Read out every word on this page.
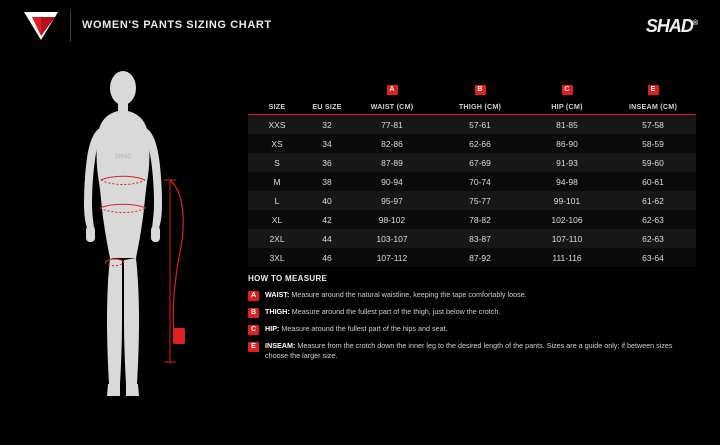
WOMEN'S PANTS SIZING CHART	SHAD®
SHAD
		A	B	C	E
SIZE	EU SIZE	WAIST (CM)	THIGH (CM)	HIP (CM)	INSEAM (CM)

XXS	32	77-81	57-61	81-85	57-58
XS	34	82-86	62-66	86-90	58-59
S	36	87-89	67-69	91-93	59-60
M	38	90-94	70-74	94-98	60-61
L	40	95-97	75-77	99-101	61-62
XL	42	98-102	78-82	102-106	62-63
2XL	44	103-107	83-87	107-110	62-63
3XL	46	107-112	87-92	111-116	63-64
HOW TO MEASURE
A	WAIST: Measure around the natural waistline, keeping the tape comfortably loose.
B	THIGH: Measure around the fullest part of the thigh, just below the crotch.
C	HIP: Measure around the fullest part of the hips and seat.
E	INSEAM: Measure from the crotch down the inner leg to the desired length of the pants. Sizes are a guide only; if between sizes choose the larger size.
